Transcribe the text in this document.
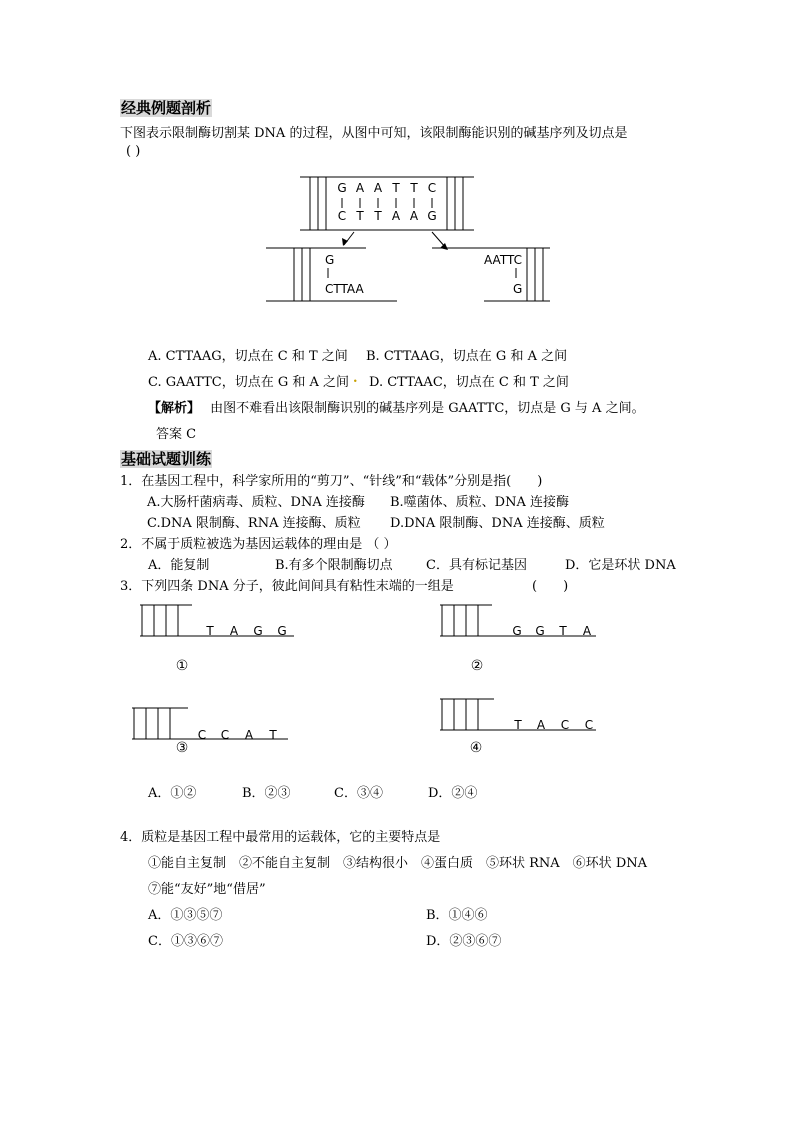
经典例题剖析
下图表示限制酶切割某 DNA 的过程，从图中可知，该限制酶能识别的碱基序列及切点是
( )
G A A T T C
C T T A A G
G
CTTAA
AATTC
G
A. CTTAAG，切点在 C 和 T 之间 B. CTTAAG，切点在 G 和 A 之间
C. GAATTC，切点在 G 和 A 之间 . D. CTTAAC，切点在 C 和 T 之间
【解析】 由图不难看出该限制酶识别的碱基序列是 GAATTC，切点是 G 与 A 之间。
答案 C
基础试题训练
1．在基因工程中，科学家所用的“剪刀”、“针线”和“载体”分别是指(　　)
A.大肠杆菌病毒、质粒、DNA 连接酶 B.噬菌体、质粒、DNA 连接酶
C.DNA 限制酶、RNA 连接酶、质粒 D.DNA 限制酶、DNA 连接酶、质粒
2．不属于质粒被选为基因运载体的理由是 （ ）
A．能复制	B.有多个限制酶切点	C．具有标记基因	D．它是环状 DNA
3．下列四条 DNA 分子，彼此间间具有粘性末端的一组是	(　　)
T A G G
①
G G T A
②
C C A T
③
T A C C
④
A．①②	B．②③	C．③④	D．②④
4．质粒是基因工程中最常用的运载体，它的主要特点是
①能自主复制　②不能自主复制　③结构很小　④蛋白质　⑤环状 RNA　⑥环状 DNA
⑦能“友好”地“借居”
A．①③⑤⑦	B．①④⑥
C．①③⑥⑦	D．②③⑥⑦
